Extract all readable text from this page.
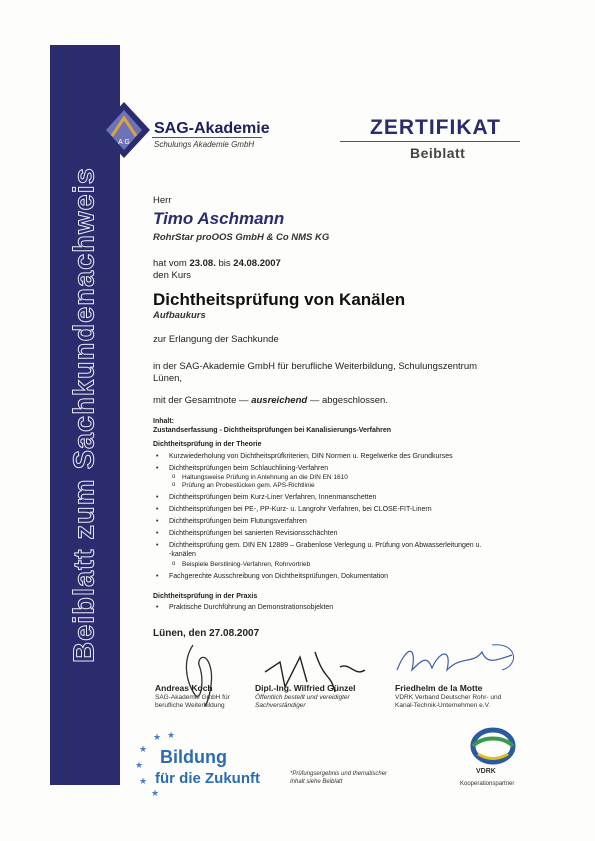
Beiblatt zum Sachkundenachweis
A G
SAG-Akademie
Schulungs Akademie GmbH
ZERTIFIKAT
Beiblatt
Herr
Timo Aschmann
RohrStar proOOS GmbH & Co NMS KG
hat vom 23.08. bis 24.08.2007
den Kurs
Dichtheitsprüfung von Kanälen
Aufbaukurs
zur Erlangung der Sachkunde
in der SAG-Akademie GmbH für berufliche Weiterbildung, Schulungszentrum
Lünen,
mit der Gesamtnote — ausreichend — abgeschlossen.
Inhalt:
Zustandserfassung - Dichtheitsprüfungen bei Kanalisierungs-Verfahren
Dichtheitsprüfung in der Theorie
• Kurzwiederholung von Dichtheitsprüfkriterien, DIN Normen u. Regelwerke des Grundkurses
• Dichtheitsprüfungen beim Schlauchlining-Verfahren
o Haltungsweise Prüfung in Anlehnung an die DIN EN 1610
o Prüfung an Probestücken gem. APS-Richtlinie
• Dichtheitsprüfungen beim Kurz-Liner Verfahren, Innenmanschetten
• Dichtheitsprüfungen bei PE-, PP-Kurz- u. Langrohr Verfahren, bei CLOSE-FIT-Linern
• Dichtheitsprüfungen beim Flutungsverfahren
• Dichtheitsprüfungen bei sanierten Revisionsschächten
• Dichtheitsprüfung gem. DIN EN 12889 – Grabenlose Verlegung u. Prüfung von Abwasserleitungen u.
-kanälen
o Beispiele Berstlining-Verfahren, Rohrvortrieb
• Fachgerechte Ausschreibung von Dichtheitsprüfungen, Dokumentation
Dichtheitsprüfung in der Praxis
• Praktische Durchführung an Demonstrationsobjekten
Lünen, den 27.08.2007
Andreas Koch
SAG-Akademie GmbH für
berufliche Weiterbildung
Dipl.-Ing. Wilfried Günzel
Öffentlich bestellt und vereidigter
Sachverständiger
Friedhelm de la Motte
VDRK Verband Deutscher Rohr- und
Kanal-Technik-Unternehmen e.V.
★
★
★
★
★
★
Bildung
für die Zukunft	*Prüfungsergebnis und thematischer
Inhalt siehe Beiblatt
VDRK
Kooperationspartner
